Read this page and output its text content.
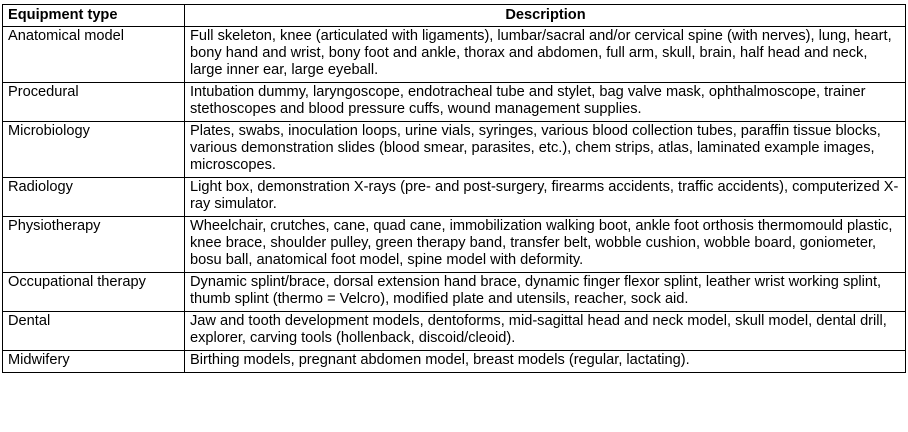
Equipment type	Description
Anatomical model	Full skeleton, knee (articulated with ligaments), lumbar/sacral and/or cervical spine (with nerves), lung, heart, bony hand and wrist, bony foot and ankle, thorax and abdomen, full arm, skull, brain, half head and neck, large inner ear, large eyeball.
Procedural	Intubation dummy, laryngoscope, endotracheal tube and stylet, bag valve mask, ophthalmoscope, trainer stethoscopes and blood pressure cuffs, wound management supplies.
Microbiology	Plates, swabs, inoculation loops, urine vials, syringes, various blood collection tubes, paraffin tissue blocks, various demonstration slides (blood smear, parasites, etc.), chem strips, atlas, laminated example images, microscopes.
Radiology	Light box, demonstration X-rays (pre- and post-surgery, firearms accidents, traffic accidents), computerized X-ray simulator.
Physiotherapy	Wheelchair, crutches, cane, quad cane, immobilization walking boot, ankle foot orthosis thermomould plastic, knee brace, shoulder pulley, green therapy band, transfer belt, wobble cushion, wobble board, goniometer, bosu ball, anatomical foot model, spine model with deformity.
Occupational therapy	Dynamic splint/brace, dorsal extension hand brace, dynamic finger flexor splint, leather wrist working splint, thumb splint (thermo = Velcro), modified plate and utensils, reacher, sock aid.
Dental	Jaw and tooth development models, dentoforms, mid-sagittal head and neck model, skull model, dental drill, explorer, carving tools (hollenback, discoid/cleoid).
Midwifery	Birthing models, pregnant abdomen model, breast models (regular, lactating).
